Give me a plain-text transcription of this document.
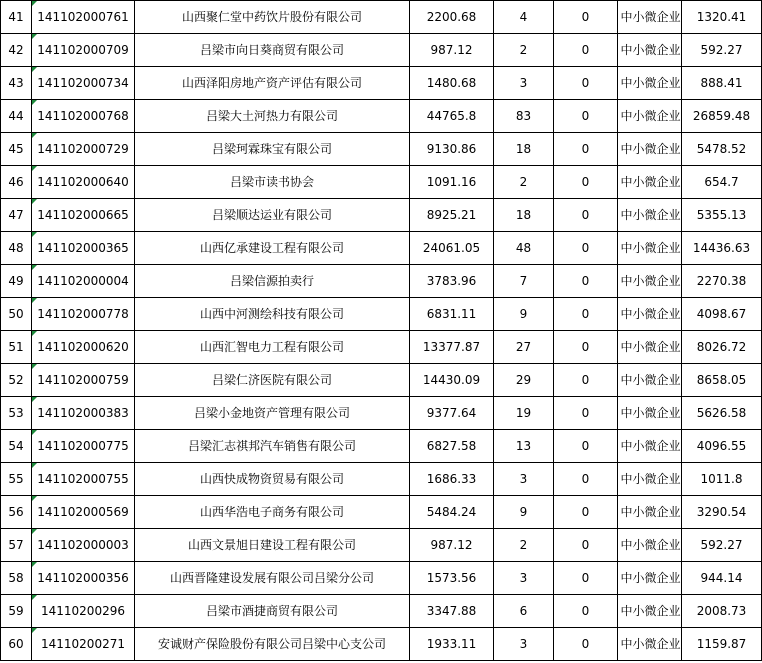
41	141102000761	山西聚仁堂中药饮片股份有限公司	2200.68	4	0	中小微企业	1320.41
42	141102000709	吕梁市向日葵商贸有限公司	987.12	2	0	中小微企业	592.27
43	141102000734	山西泽阳房地产资产评估有限公司	1480.68	3	0	中小微企业	888.41
44	141102000768	吕梁大土河热力有限公司	44765.8	83	0	中小微企业	26859.48
45	141102000729	吕梁珂霖珠宝有限公司	9130.86	18	0	中小微企业	5478.52
46	141102000640	吕梁市读书协会	1091.16	2	0	中小微企业	654.7
47	141102000665	吕梁顺达运业有限公司	8925.21	18	0	中小微企业	5355.13
48	141102000365	山西亿承建设工程有限公司	24061.05	48	0	中小微企业	14436.63
49	141102000004	吕梁信源拍卖行	3783.96	7	0	中小微企业	2270.38
50	141102000778	山西中河测绘科技有限公司	6831.11	9	0	中小微企业	4098.67
51	141102000620	山西汇智电力工程有限公司	13377.87	27	0	中小微企业	8026.72
52	141102000759	吕梁仁济医院有限公司	14430.09	29	0	中小微企业	8658.05
53	141102000383	吕梁小金地资产管理有限公司	9377.64	19	0	中小微企业	5626.58
54	141102000775	吕梁汇志祺邦汽车销售有限公司	6827.58	13	0	中小微企业	4096.55
55	141102000755	山西快成物资贸易有限公司	1686.33	3	0	中小微企业	1011.8
56	141102000569	山西华浩电子商务有限公司	5484.24	9	0	中小微企业	3290.54
57	141102000003	山西文景旭日建设工程有限公司	987.12	2	0	中小微企业	592.27
58	141102000356	山西晋隆建设发展有限公司吕梁分公司	1573.56	3	0	中小微企业	944.14
59	14110200296	吕梁市酒捷商贸有限公司	3347.88	6	0	中小微企业	2008.73
60	14110200271	安诚财产保险股份有限公司吕梁中心支公司	1933.11	3	0	中小微企业	1159.87
